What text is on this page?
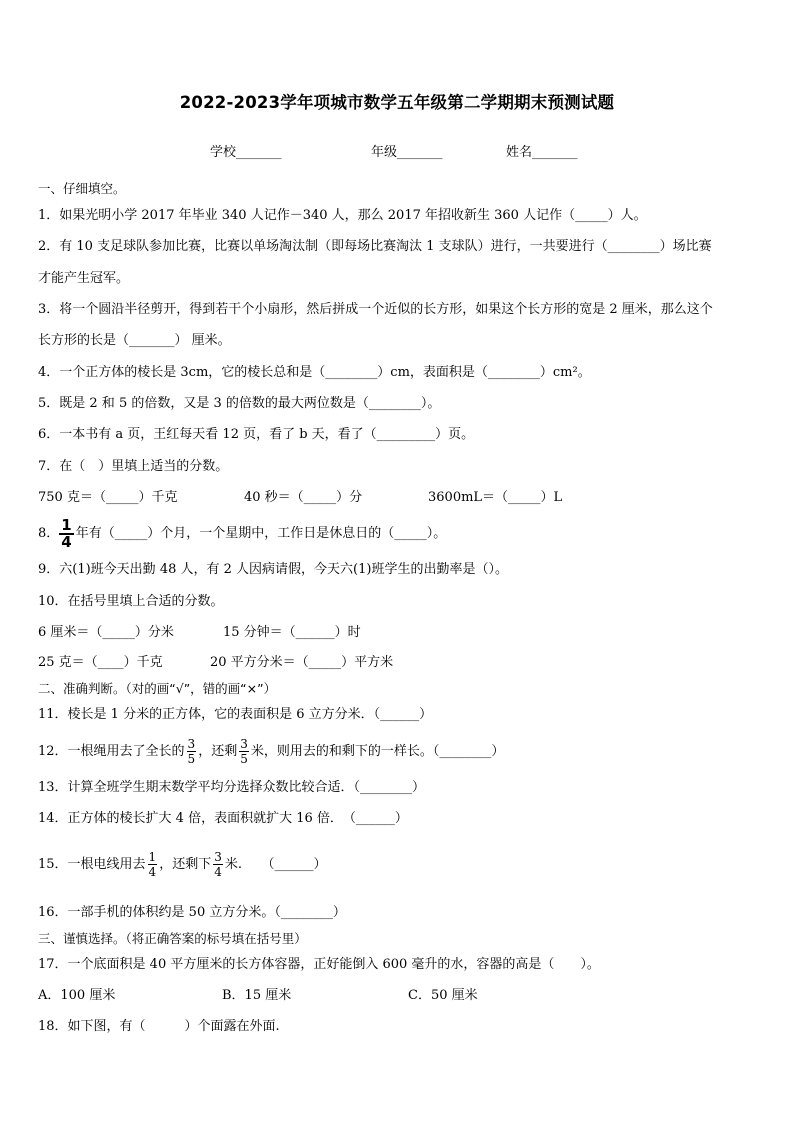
2022-2023学年项城市数学五年级第二学期期末预测试题
学校_______	年级_______	姓名_______
一、仔细填空。
1．如果光明小学 2017 年毕业 340 人记作－340 人，那么 2017 年招收新生 360 人记作（_____）人。
2．有 10 支足球队参加比赛，比赛以单场淘汰制（即每场比赛淘汰 1 支球队）进行，一共要进行（________）场比赛
才能产生冠军。
3．将一个圆沿半径剪开，得到若干个小扇形，然后拼成一个近似的长方形，如果这个长方形的宽是 2 厘米，那么这个
长方形的长是（_______） 厘米。
4．一个正方体的棱长是 3cm，它的棱长总和是（________）cm，表面积是（________）cm²。
5．既是 2 和 5 的倍数，又是 3 的倍数的最大两位数是（________）。
6．一本书有 a 页，王红每天看 12 页，看了 b 天，看了（_________）页。
7．在（　）里填上适当的分数。
750 克＝（_____）千克	40 秒＝（_____）分	3600mL＝（_____）L
8． $\frac{1}{4}$ 年有（_____）个月，一个星期中，工作日是休息日的（_____）。
9．六(1)班今天出勤 48 人，有 2 人因病请假，今天六(1)班学生的出勤率是（）。
10．在括号里填上合适的分数。
6 厘米＝（_____）分米	15 分钟＝（______）时
25 克＝（____）千克	20 平方分米＝（_____）平方米
二、准确判断。（对的画“√”，错的画“×”）
11．棱长是 1 分米的正方体，它的表面积是 6 立方分米．（______）
12．一根绳用去了全长的 $\frac{3}{5}$ ，还剩 $\frac{3}{5}$ 米，则用去的和剩下的一样长。（________）
13．计算全班学生期末数学平均分选择众数比较合适．（________）
14．正方体的棱长扩大 4 倍，表面积就扩大 16 倍．　（______）
15．一根电线用去 $\frac{1}{4}$ ，还剩下 $\frac{3}{4}$ 米.　　（______）
16．一部手机的体积约是 50 立方分米。（________）
三、谨慎选择。（将正确答案的标号填在括号里）
17．一个底面积是 40 平方厘米的长方体容器，正好能倒入 600 毫升的水，容器的高是（　　）。
A．100 厘米	B．15 厘米	C．50 厘米
18．如下图，有（　　　）个面露在外面.
